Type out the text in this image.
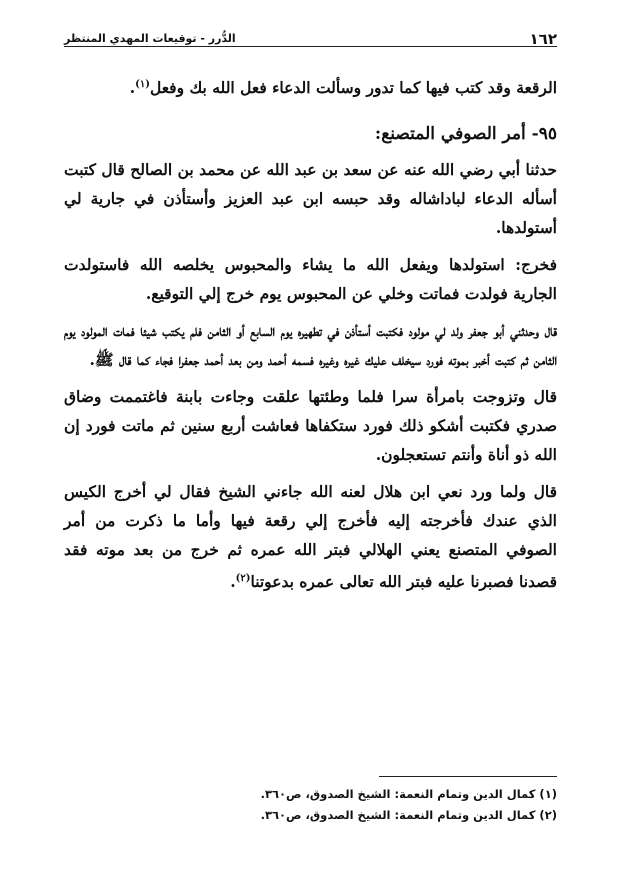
١٦٢
الدُّرر - توقيعات المهدي المنتظر

الرقعة وقد كتب فيها كما تدور وسألت الدعاء فعل الله بك وفعل$^{(١)}$.

٩٥- أمر الصوفي المتصنع:

حدثنا أبي رضي الله عنه عن سعد بن عبد الله عن محمد بن الصالح قال كتبت أسأله الدعاء لباداشاله وقد حبسه ابن عبد العزيز وأستأذن في جارية لي أستولدها.

فخرج: استولدها ويفعل الله ما يشاء والمحبوس يخلصه الله فاستولدت الجارية فولدت فماتت وخلي عن المحبوس يوم خرج إلي التوقيع.

قال وحدثني أبو جعفر ولد لي مولود فكتبت أستأذن في تطهيره يوم السابع أو الثامن فلم يكتب شيئا فمات المولود يوم الثامن ثم كتبت أخبر بموته فورد سيخلف عليك غيره وغيره فسمه أحمد ومن بعد أحمد جعفرا فجاء كما قال ﷺ.

قال وتزوجت بامرأة سرا فلما وطئتها علقت وجاءت بابنة فاغتممت وضاق صدري فكتبت أشكو ذلك فورد ستكفاها فعاشت أربع سنين ثم ماتت فورد إن الله ذو أناة وأنتم تستعجلون.

قال ولما ورد نعي ابن هلال لعنه الله جاءني الشيخ فقال لي أخرج الكيس الذي عندك فأخرجته إليه فأخرج إلي رقعة فيها وأما ما ذكرت من أمر الصوفي المتصنع يعني الهلالي فبتر الله عمره ثم خرج من بعد موته فقد قصدنا فصبرنا عليه فبتر الله تعالى عمره بدعوتنا$^{(٢)}$.

(١) كمال الدين وتمام النعمة: الشيخ الصدوق، ص٣٦٠.
(٢) كمال الدين وتمام النعمة: الشيخ الصدوق، ص٣٦٠.
